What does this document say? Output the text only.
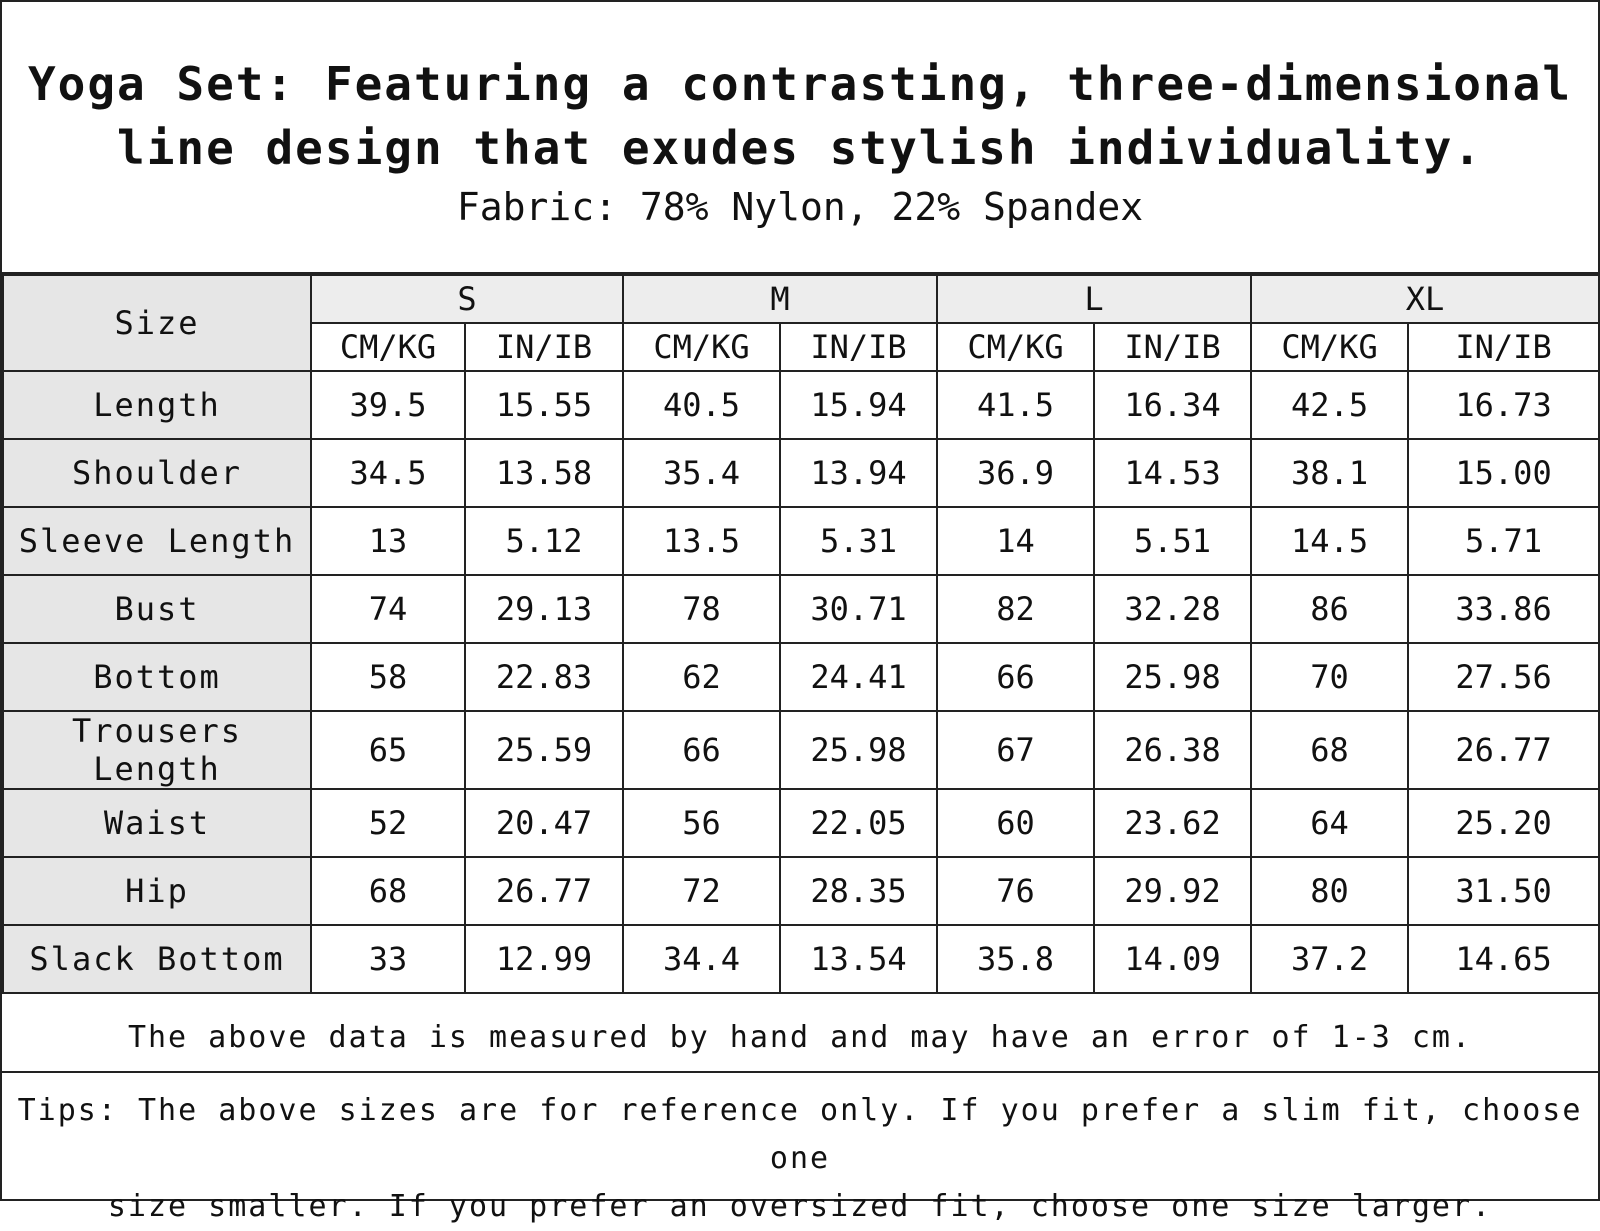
Yoga Set: Featuring a contrasting, three-dimensional
line design that exudes stylish individuality.
Fabric: 78% Nylon, 22% Spandex
Size	S		M		L		XL	
	CM/KG	IN/IB	CM/KG	IN/IB	CM/KG	IN/IB	CM/KG	IN/IB
Length	39.5	15.55	40.5	15.94	41.5	16.34	42.5	16.73
Shoulder	34.5	13.58	35.4	13.94	36.9	14.53	38.1	15.00
Sleeve Length	13	5.12	13.5	5.31	14	5.51	14.5	5.71
Bust	74	29.13	78	30.71	82	32.28	86	33.86
Bottom	58	22.83	62	24.41	66	25.98	70	27.56
Trousers Length	65	25.59	66	25.98	67	26.38	68	26.77
Waist	52	20.47	56	22.05	60	23.62	64	25.20
Hip	68	26.77	72	28.35	76	29.92	80	31.50
Slack Bottom	33	12.99	34.4	13.54	35.8	14.09	37.2	14.65
The above data is measured by hand and may have an error of 1-3 cm.
Tips: The above sizes are for reference only. If you prefer a slim fit, choose one
size smaller. If you prefer an oversized fit, choose one size larger.
